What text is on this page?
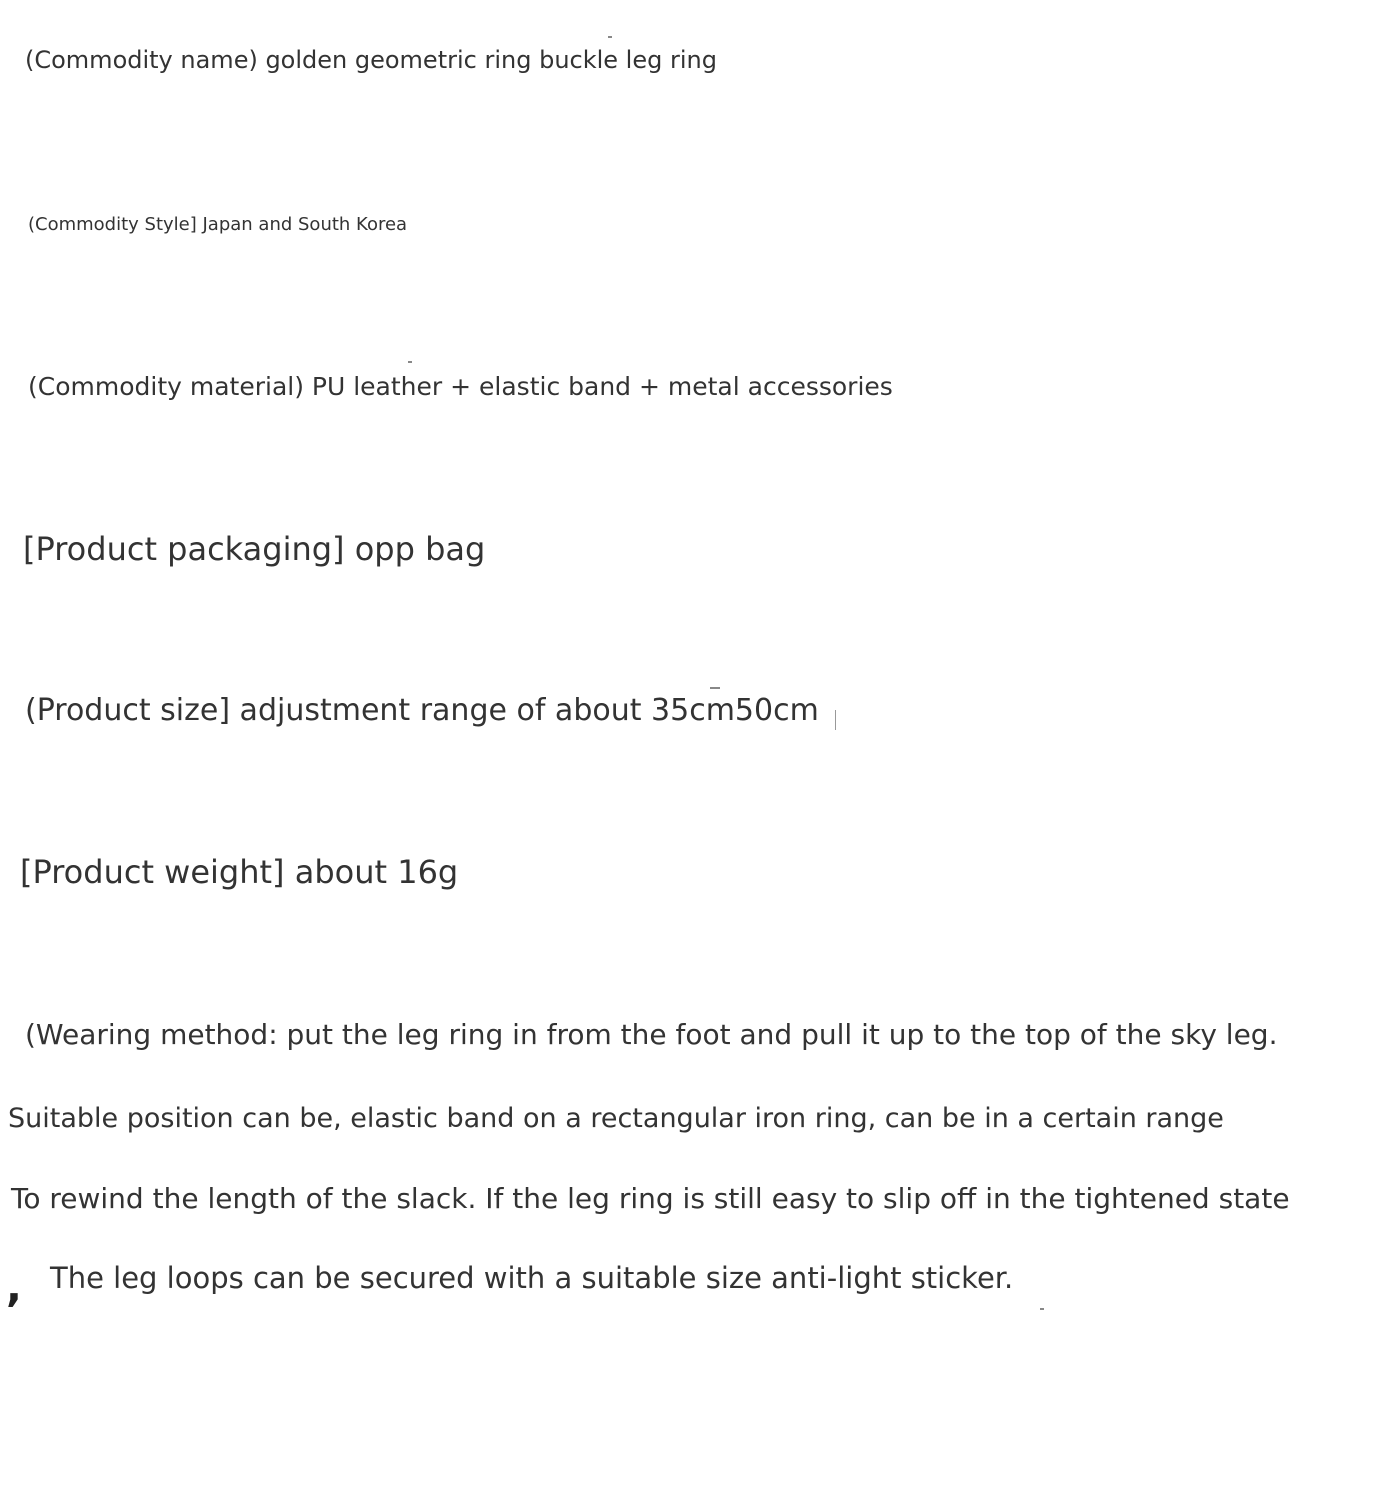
(Commodity name) golden geometric ring buckle leg ring

(Commodity Style] Japan and South Korea

(Commodity material) PU leather + elastic band + metal accessories

[Product packaging] opp bag

(Product size] adjustment range of about 35cm50cm

[Product weight] about 16g

(Wearing method: put the leg ring in from the foot and pull it up to the top of the sky leg.

Suitable position can be, elastic band on a rectangular iron ring, can be in a certain range

To rewind the length of the slack. If the leg ring is still easy to slip off in the tightened state

, The leg loops can be secured with a suitable size anti-light sticker.
